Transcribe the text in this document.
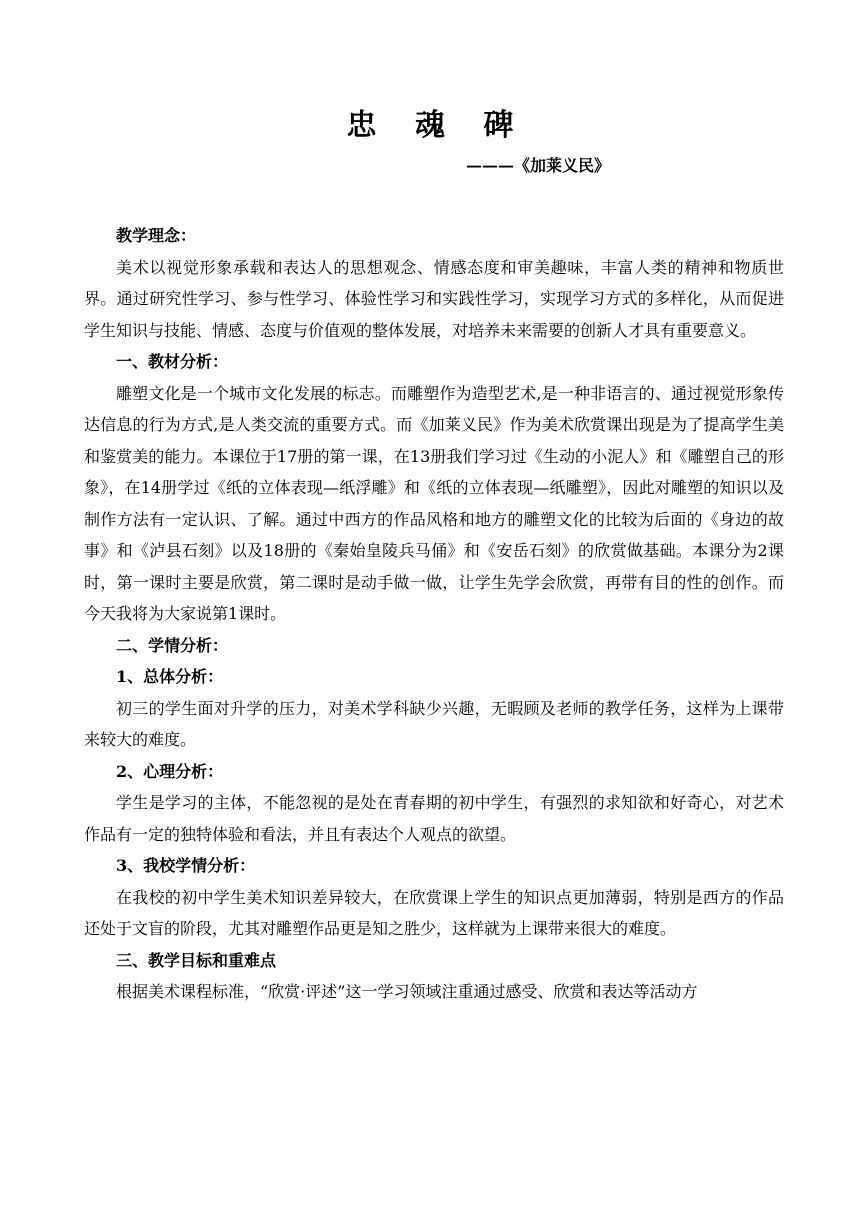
忠 魂 碑
———《加莱义民》

教学理念：

美术以视觉形象承载和表达人的思想观念、情感态度和审美趣味，丰富人类的精神和物质世界。通过研究性学习、参与性学习、体验性学习和实践性学习，实现学习方式的多样化，从而促进学生知识与技能、情感、态度与价值观的整体发展，对培养未来需要的创新人才具有重要意义。

一、教材分析：

雕塑文化是一个城市文化发展的标志。而雕塑作为造型艺术,是一种非语言的、通过视觉形象传达信息的行为方式,是人类交流的重要方式。而《加莱义民》作为美术欣赏课出现是为了提高学生美和鉴赏美的能力。本课位于17册的第一课，在13册我们学习过《生动的小泥人》和《雕塑自己的形象》，在14册学过《纸的立体表现—纸浮雕》和《纸的立体表现—纸雕塑》，因此对雕塑的知识以及制作方法有一定认识、了解。通过中西方的作品风格和地方的雕塑文化的比较为后面的《身边的故事》和《泸县石刻》以及18册的《秦始皇陵兵马俑》和《安岳石刻》的欣赏做基础。本课分为2课时，第一课时主要是欣赏，第二课时是动手做一做，让学生先学会欣赏，再带有目的性的创作。而今天我将为大家说第1课时。

二、学情分析：

1、总体分析：

初三的学生面对升学的压力，对美术学科缺少兴趣，无暇顾及老师的教学任务，这样为上课带来较大的难度。

2、心理分析：

学生是学习的主体，不能忽视的是处在青春期的初中学生，有强烈的求知欲和好奇心，对艺术作品有一定的独特体验和看法，并且有表达个人观点的欲望。

3、我校学情分析：

在我校的初中学生美术知识差异较大，在欣赏课上学生的知识点更加薄弱，特别是西方的作品还处于文盲的阶段，尤其对雕塑作品更是知之胜少，这样就为上课带来很大的难度。

三、教学目标和重难点

根据美术课程标准，“欣赏·评述”这一学习领域注重通过感受、欣赏和表达等活动方
